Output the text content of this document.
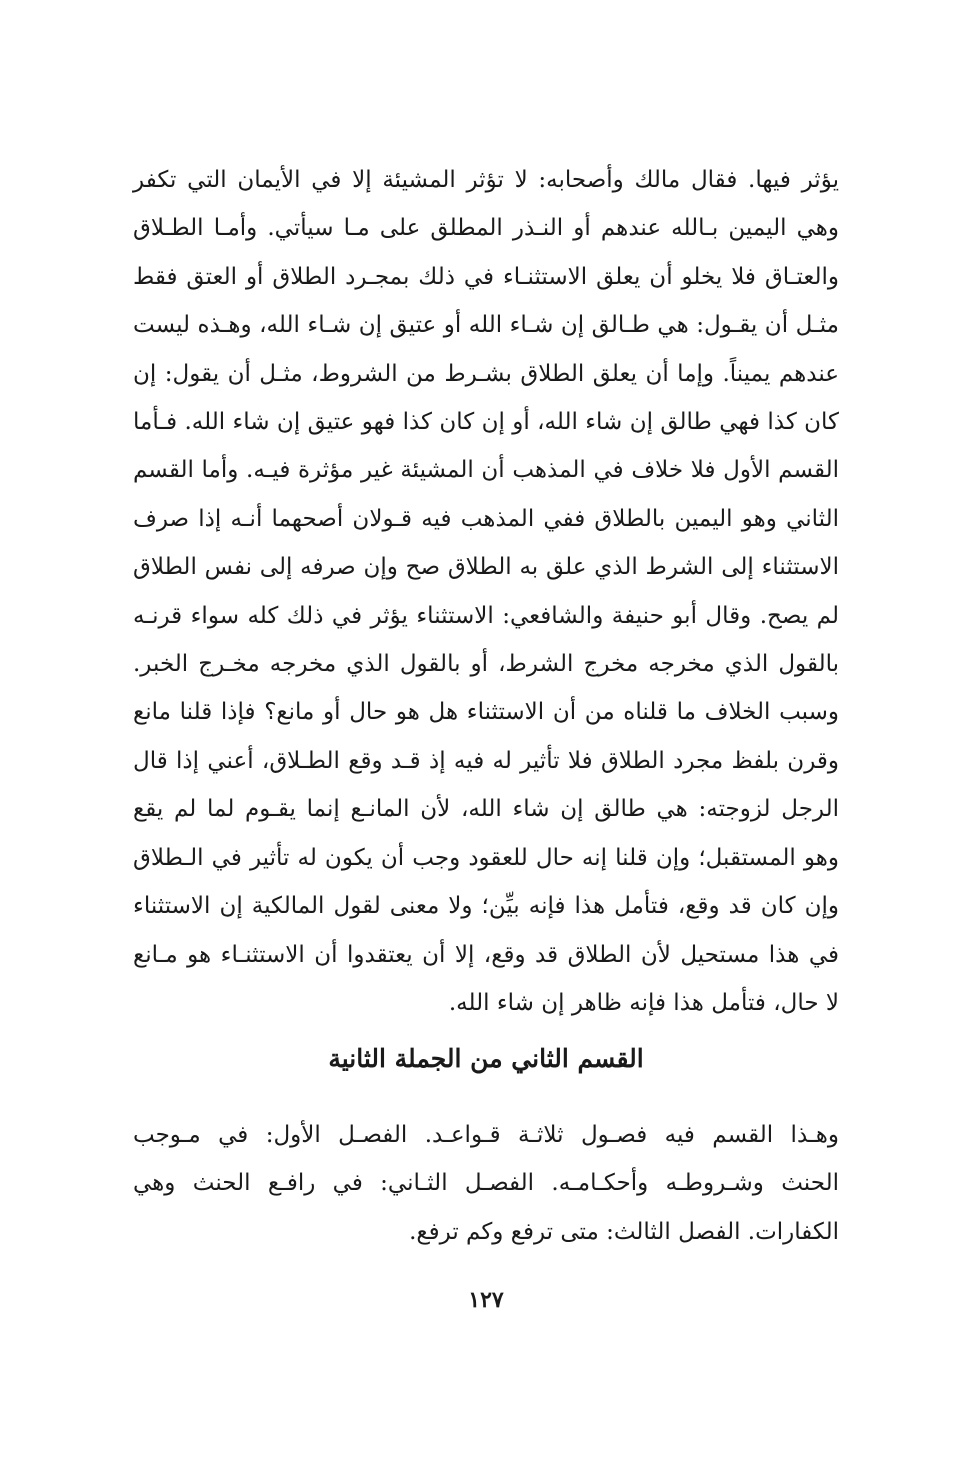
يؤثر فيها. فقال مالك وأصحابه: لا تؤثر المشيئة إلا في الأيمان التي تكفر
وهي اليمين بـالله عندهم أو النـذر المطلق على مـا سيأتي. وأمـا الطـلاق
والعتـاق فلا يخلو أن يعلق الاستثنـاء في ذلك بمجـرد الطلاق أو العتق فقط
مثـل أن يقـول: هي طـالق إن شـاء الله أو عتيق إن شـاء الله، وهـذه ليست
عندهم يميناً. وإما أن يعلق الطلاق بشـرط من الشروط، مثـل أن يقول: إن
كان كذا فهي طالق إن شاء الله، أو إن كان كذا فهو عتيق إن شاء الله. فـأما
القسم الأول فلا خلاف في المذهب أن المشيئة غير مؤثرة فيـه. وأما القسم
الثاني وهو اليمين بالطلاق ففي المذهب فيه قـولان أصحهما أنـه إذا صرف
الاستثناء إلى الشرط الذي علق به الطلاق صح وإن صرفه إلى نفس الطلاق
لم يصح. وقال أبو حنيفة والشافعي: الاستثناء يؤثر في ذلك كله سواء قرنـه
بالقول الذي مخرجه مخرج الشرط، أو بالقول الذي مخرجه مخـرج الخبر.
وسبب الخلاف ما قلناه من أن الاستثناء هل هو حال أو مانع؟ فإذا قلنا مانع
وقرن بلفظ مجرد الطلاق فلا تأثير له فيه إذ قـد وقع الطـلاق، أعني إذا قال
الرجل لزوجته: هي طالق إن شاء الله، لأن المانـع إنما يقـوم لما لم يقع
وهو المستقبل؛ وإن قلنا إنه حال للعقود وجب أن يكون له تأثير في الـطلاق
وإن كان قد وقع، فتأمل هذا فإنه بيِّن؛ ولا معنى لقول المالكية إن الاستثناء
في هذا مستحيل لأن الطلاق قد وقع، إلا أن يعتقدوا أن الاستثنـاء هو مـانع
لا حال، فتأمل هذا فإنه ظاهر إن شاء الله.
القسم الثاني من الجملة الثانية
وهـذا القسم فيه فصـول ثلاثـة قـواعـد. الفصـل الأول: في مـوجب
الحنث وشـروطـه وأحكـامـه. الفصـل الثـاني: في رافـع الحنث وهي
الكفارات. الفصل الثالث: متى ترفع وكم ترفع.
١٢٧
